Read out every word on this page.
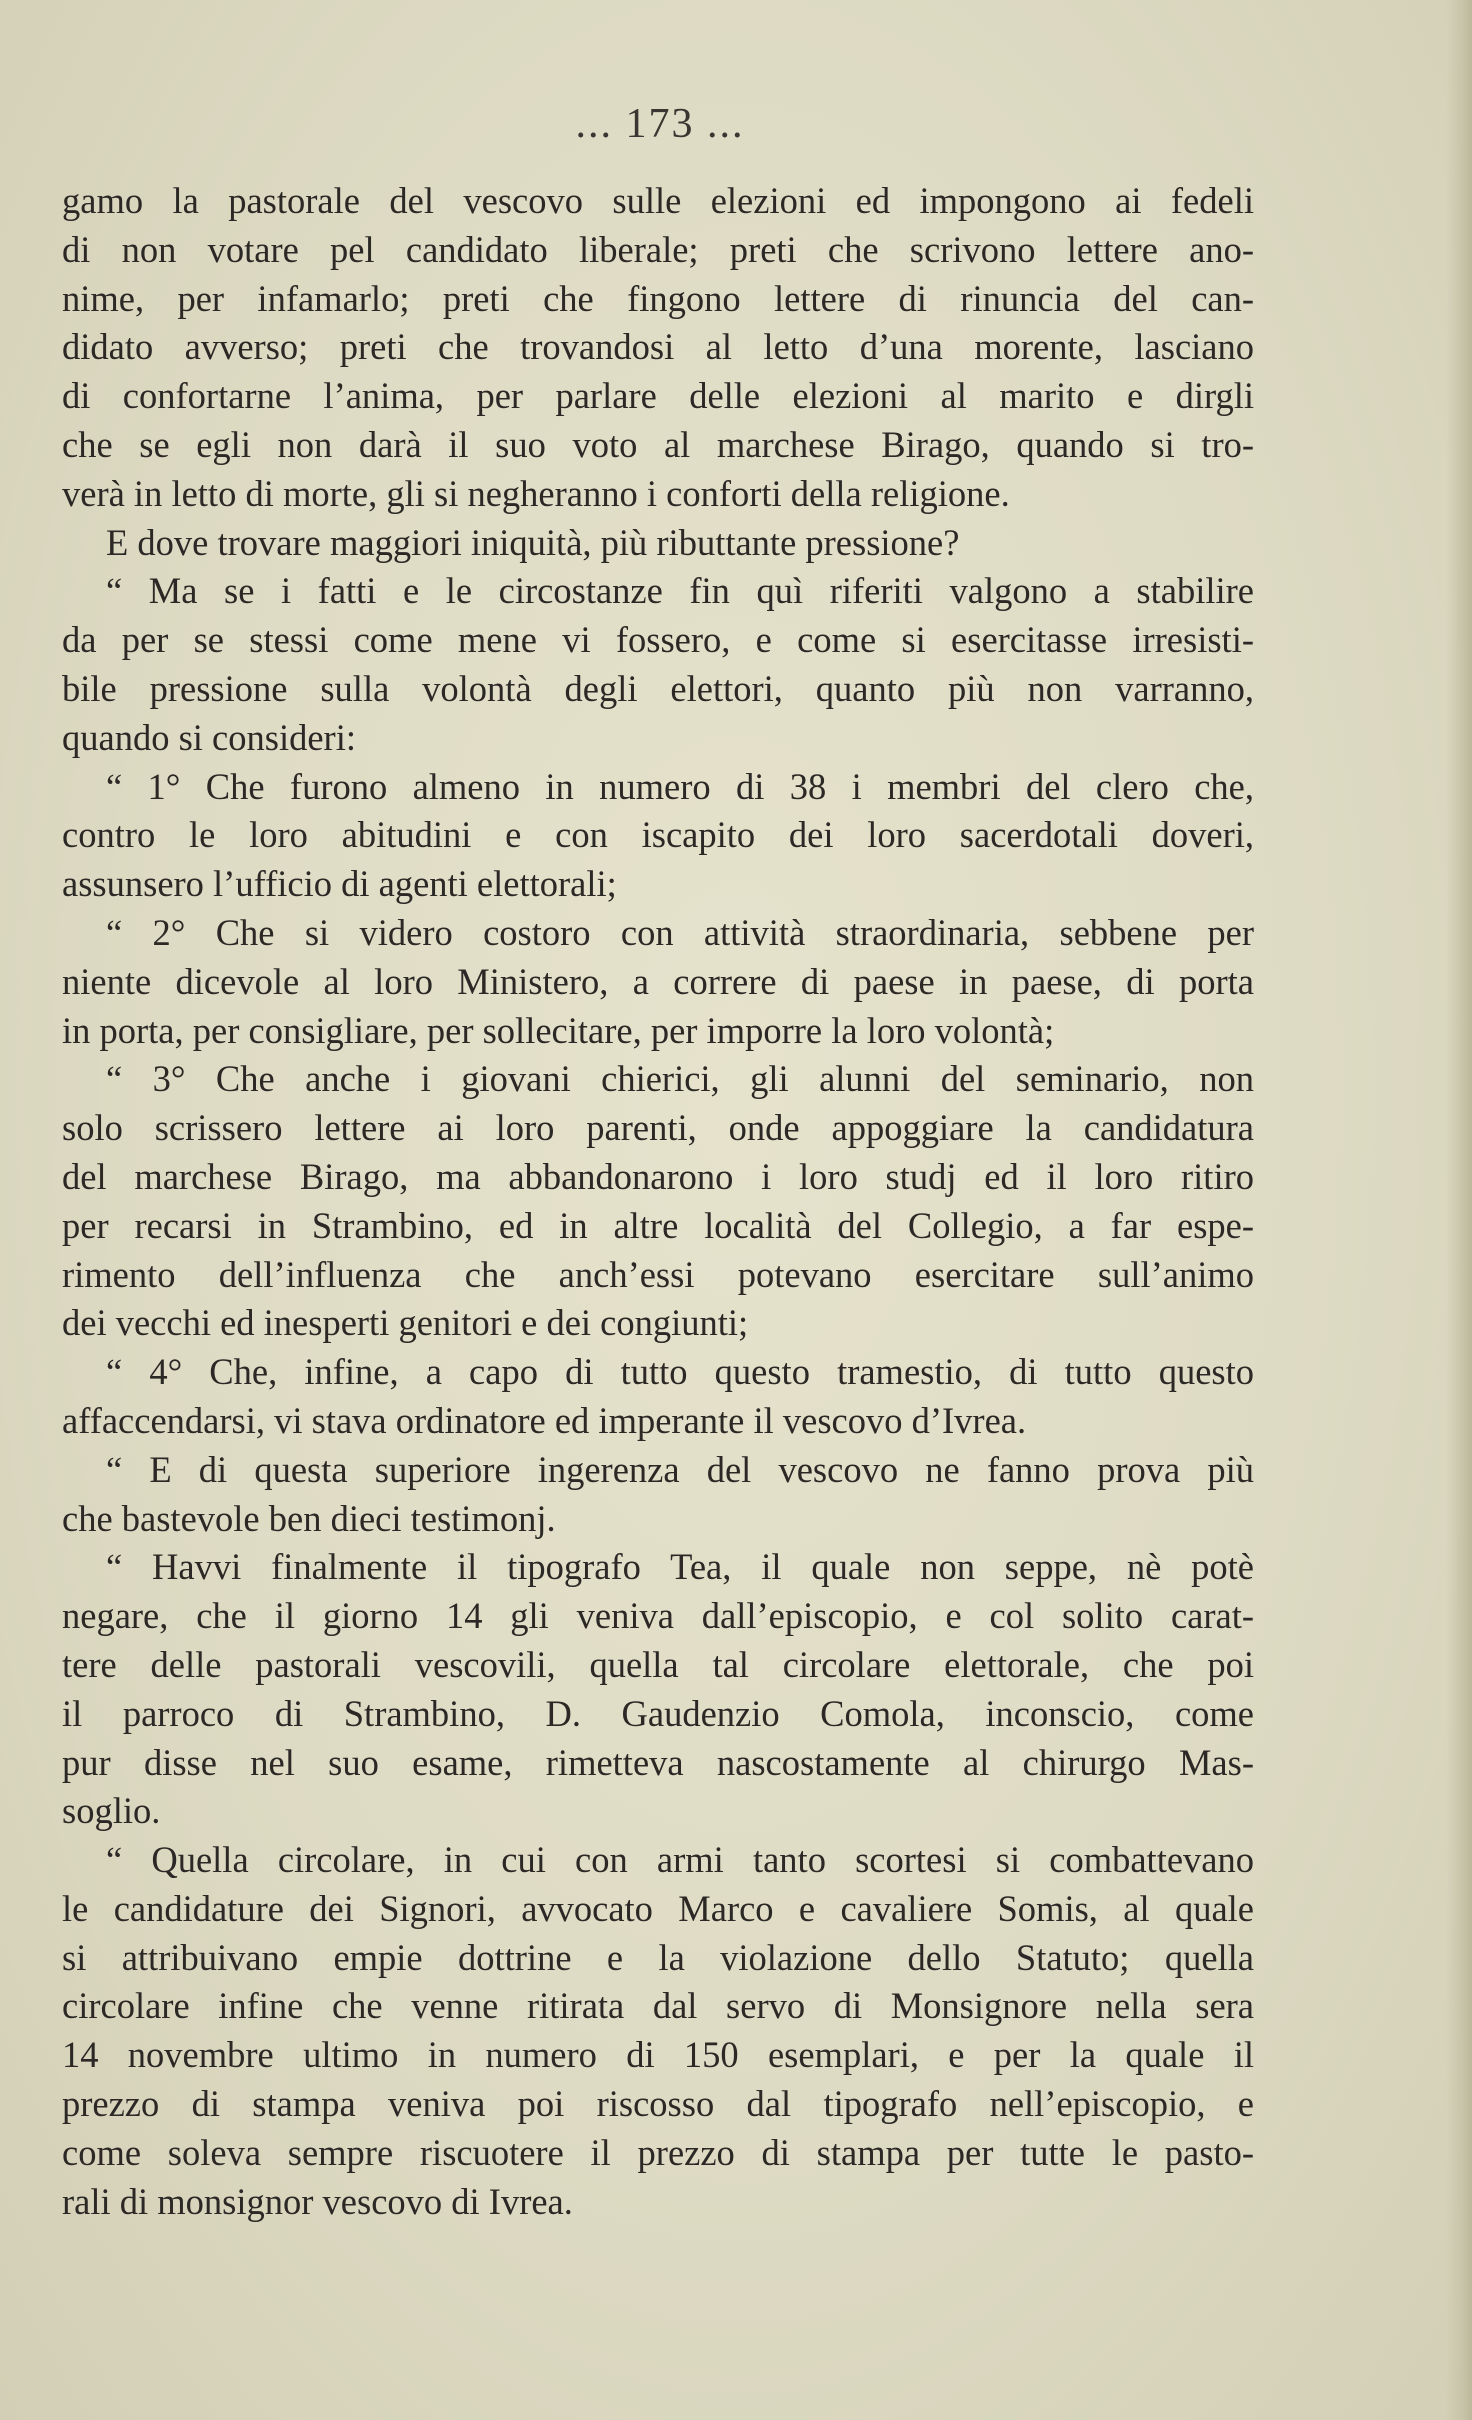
... 173 ...
gamo la pastorale del vescovo sulle elezioni ed impongono ai fedeli
di non votare pel candidato liberale; preti che scrivono lettere ano-
nime, per infamarlo; preti che fingono lettere di rinuncia del can-
didato avverso; preti che trovandosi al letto d’una morente, lasciano
di confortarne l’anima, per parlare delle elezioni al marito e dirgli
che se egli non darà il suo voto al marchese Birago, quando si tro-
verà in letto di morte, gli si negheranno i conforti della religione.
E dove trovare maggiori iniquità, più ributtante pressione?
“ Ma se i fatti e le circostanze fin quì riferiti valgono a stabilire
da per se stessi come mene vi fossero, e come si esercitasse irresisti-
bile pressione sulla volontà degli elettori, quanto più non varranno,
quando si consideri:
“ 1° Che furono almeno in numero di 38 i membri del clero che,
contro le loro abitudini e con iscapito dei loro sacerdotali doveri,
assunsero l’ufficio di agenti elettorali;
“ 2° Che si videro costoro con attività straordinaria, sebbene per
niente dicevole al loro Ministero, a correre di paese in paese, di porta
in porta, per consigliare, per sollecitare, per imporre la loro volontà;
“ 3° Che anche i giovani chierici, gli alunni del seminario, non
solo scrissero lettere ai loro parenti, onde appoggiare la candidatura
del marchese Birago, ma abbandonarono i loro studj ed il loro ritiro
per recarsi in Strambino, ed in altre località del Collegio, a far espe-
rimento dell’influenza che anch’essi potevano esercitare sull’animo
dei vecchi ed inesperti genitori e dei congiunti;
“ 4° Che, infine, a capo di tutto questo tramestio, di tutto questo
affaccendarsi, vi stava ordinatore ed imperante il vescovo d’Ivrea.
“ E di questa superiore ingerenza del vescovo ne fanno prova più
che bastevole ben dieci testimonj.
“ Havvi finalmente il tipografo Tea, il quale non seppe, nè potè
negare, che il giorno 14 gli veniva dall’episcopio, e col solito carat-
tere delle pastorali vescovili, quella tal circolare elettorale, che poi
il parroco di Strambino, D. Gaudenzio Comola, inconscio, come
pur disse nel suo esame, rimetteva nascostamente al chirurgo Mas-
soglio.
“ Quella circolare, in cui con armi tanto scortesi si combattevano
le candidature dei Signori, avvocato Marco e cavaliere Somis, al quale
si attribuivano empie dottrine e la violazione dello Statuto; quella
circolare infine che venne ritirata dal servo di Monsignore nella sera
14 novembre ultimo in numero di 150 esemplari, e per la quale il
prezzo di stampa veniva poi riscosso dal tipografo nell’episcopio, e
come soleva sempre riscuotere il prezzo di stampa per tutte le pasto-
rali di monsignor vescovo di Ivrea.
